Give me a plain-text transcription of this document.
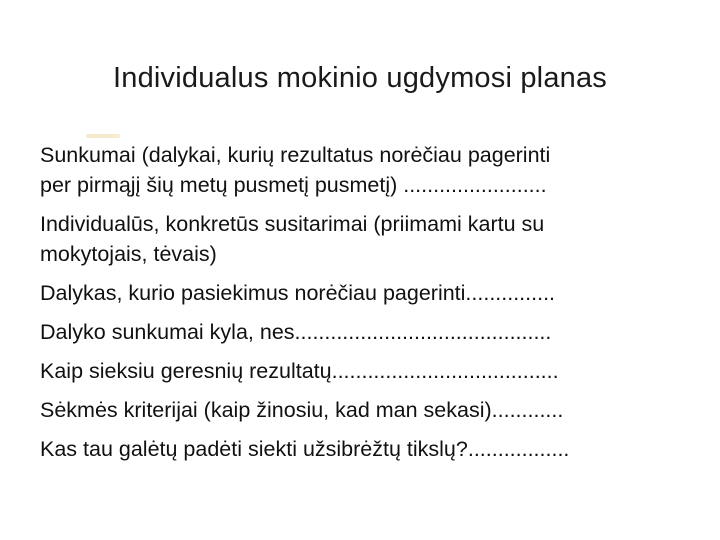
Individualus mokinio ugdymosi planas
Sunkumai (dalykai, kurių rezultatus norėčiau pagerinti
per pirmąjį šių metų pusmetį pusmetį) ........................
Individualūs, konkretūs susitarimai (priimami kartu su
mokytojais, tėvais)
Dalykas, kurio pasiekimus norėčiau pagerinti...............
Dalyko sunkumai kyla, nes...........................................
Kaip sieksiu geresnių rezultatų......................................
Sėkmės kriterijai (kaip žinosiu, kad man sekasi)............
Kas tau galėtų padėti siekti užsibrėžtų tikslų?.................
